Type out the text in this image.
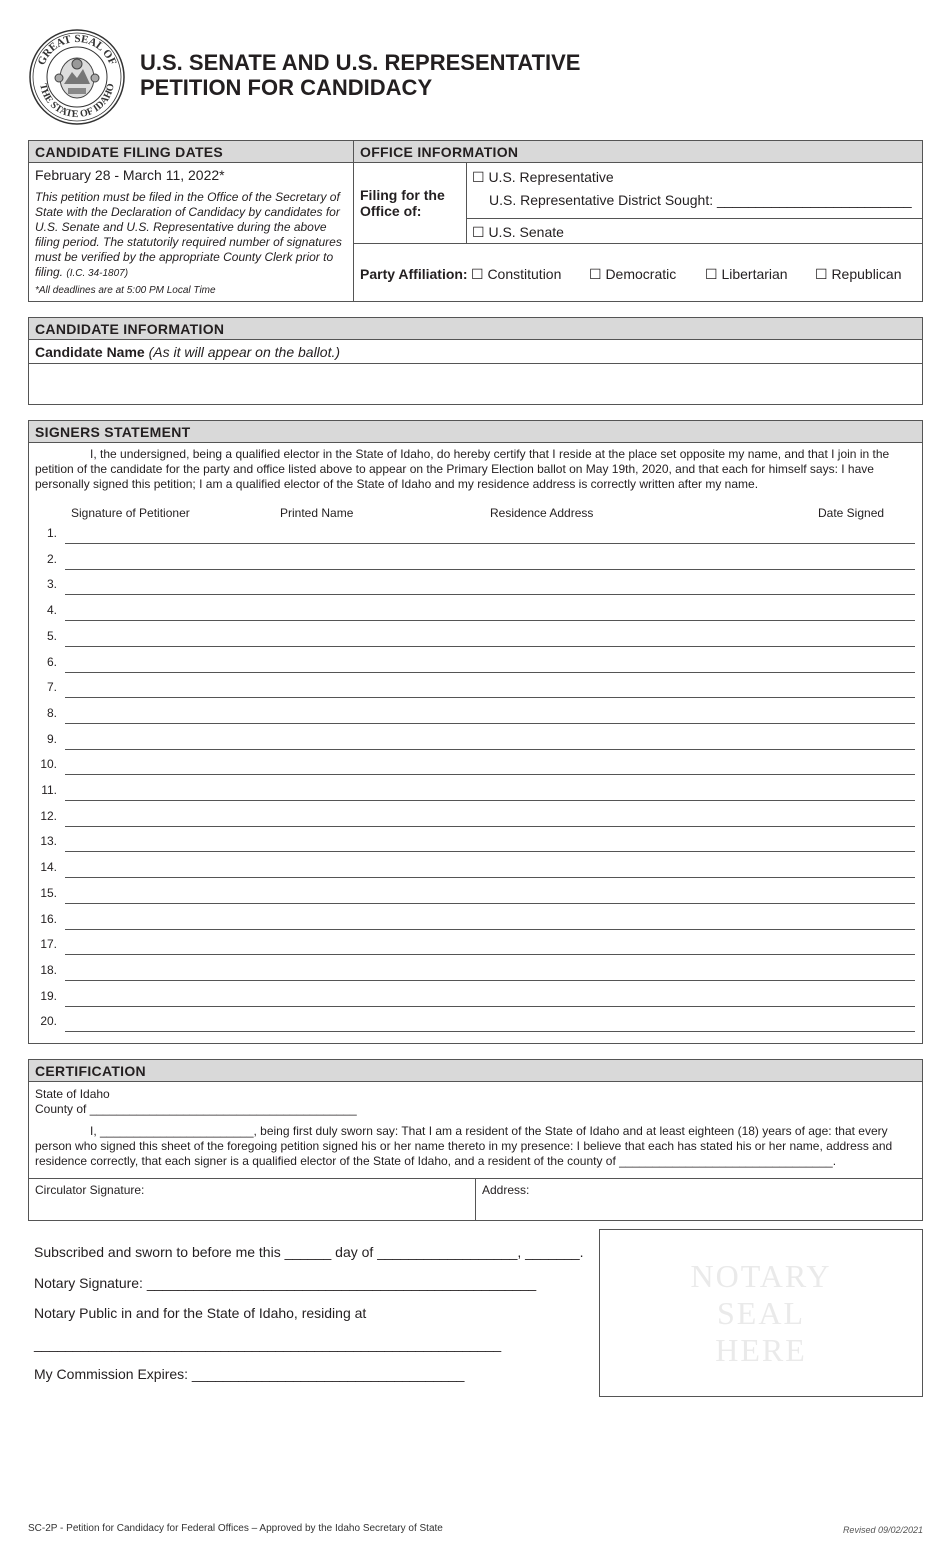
GREAT SEAL OF
THE STATE OF IDAHO
U.S. SENATE AND U.S. REPRESENTATIVE
PETITION FOR CANDIDACY
CANDIDATE FILING DATES
February 28 - March 11, 2022*
This petition must be filed in the Office of the Secretary of State with the Declaration of Candidacy by candidates for U.S. Senate and U.S. Representative during the above filing period. The statutorily required number of signatures must be verified by the appropriate County Clerk prior to filing. (I.C. 34-1807)
*All deadlines are at 5:00 PM Local Time
OFFICE INFORMATION
Filing for the
Office of:
☐ U.S. Representative
U.S. Representative District Sought: _________________________
☐ U.S. Senate
Party Affiliation: ☐ Constitution ☐ Democratic ☐ Libertarian ☐ Republican
CANDIDATE INFORMATION
Candidate Name (As it will appear on the ballot.)
SIGNERS STATEMENT
I, the undersigned, being a qualified elector in the State of Idaho, do hereby certify that I reside at the place set opposite my name, and that I join in the petition of the candidate for the party and office listed above to appear on the Primary Election ballot on May 19th, 2020, and that each for himself says: I have personally signed this petition; I am a qualified elector of the State of Idaho and my residence address is correctly written after my name.
Signature of Petitioner	Printed Name	Residence Address	Date Signed
1.
2.
3.
4.
5.
6.
7.
8.
9.
10.
11.
12.
13.
14.
15.
16.
17.
18.
19.
20.
CERTIFICATION
State of Idaho
County of ________________________________________
I, _______________________, being first duly sworn say: That I am a resident of the State of Idaho and at least eighteen (18) years of age: that every person who signed this sheet of the foregoing petition signed his or her name thereto in my presence: I believe that each has stated his or her name, address and residence correctly, that each signer is a qualified elector of the State of Idaho, and a resident of the county of ________________________________.
Circulator Signature:	Address:
Subscribed and sworn to before me this ______ day of __________________, _______.
Notary Signature: __________________________________________________
Notary Public in and for the State of Idaho, residing at
____________________________________________________________
My Commission Expires: ___________________________________
NOTARY
SEAL
HERE
SC-2P - Petition for Candidacy for Federal Offices – Approved by the Idaho Secretary of State	Revised 09/02/2021
